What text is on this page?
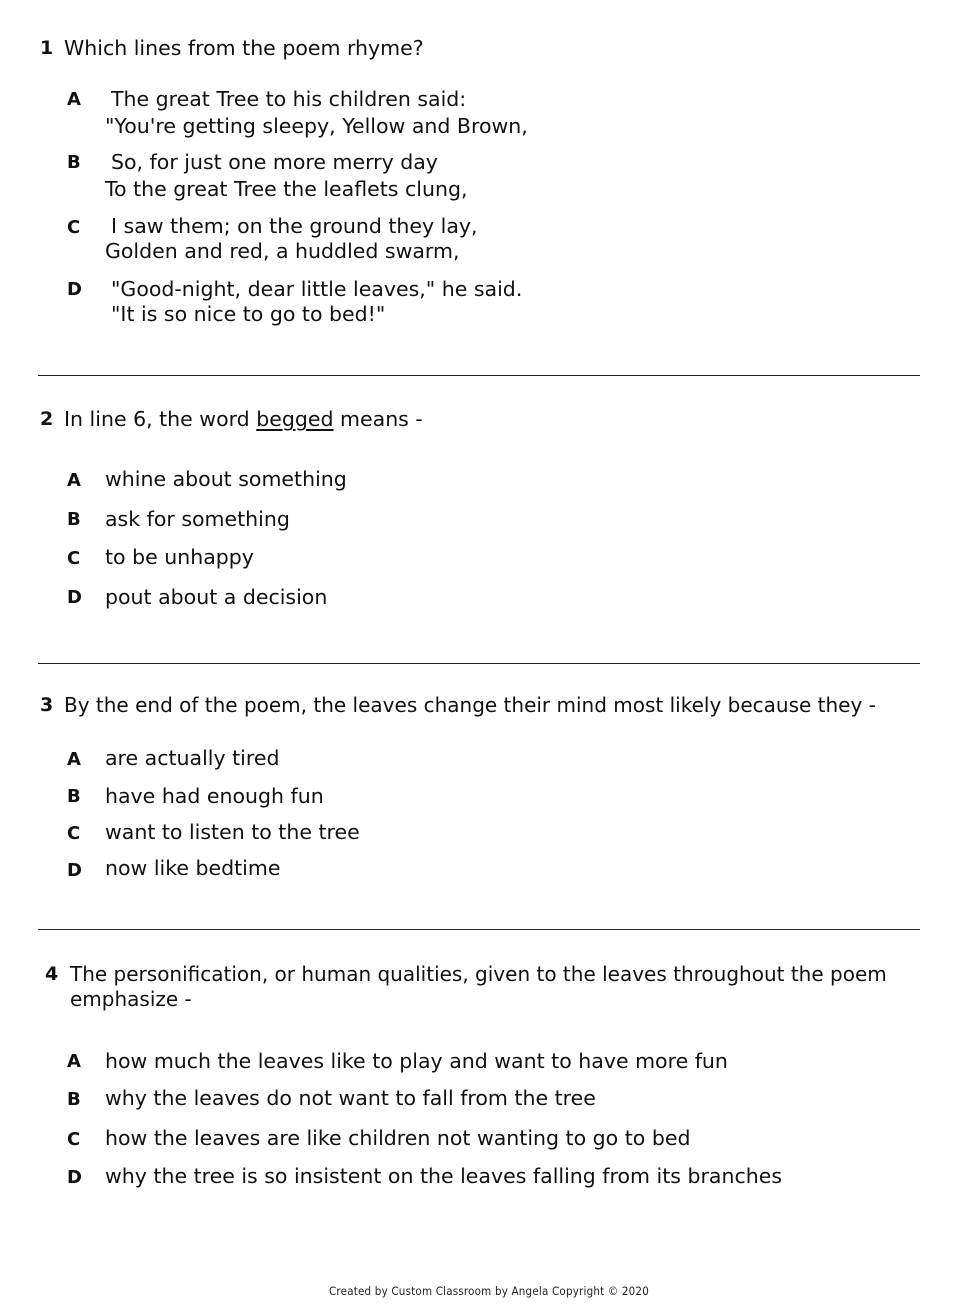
1 Which lines from the poem rhyme?
A The great Tree to his children said:
"You're getting sleepy, Yellow and Brown,
B So, for just one more merry day
To the great Tree the leaflets clung,
C I saw them; on the ground they lay,
Golden and red, a huddled swarm,
D "Good-night, dear little leaves," he said.
"It is so nice to go to bed!"
2 In line 6, the word begged means -
A whine about something
B ask for something
C to be unhappy
D pout about a decision
3 By the end of the poem, the leaves change their mind most likely because they -
A are actually tired
B have had enough fun
C want to listen to the tree
D now like bedtime
4 The personification, or human qualities, given to the leaves throughout the poem
emphasize -
A how much the leaves like to play and want to have more fun
B why the leaves do not want to fall from the tree
C how the leaves are like children not wanting to go to bed
D why the tree is so insistent on the leaves falling from its branches
Created by Custom Classroom by Angela Copyright © 2020
